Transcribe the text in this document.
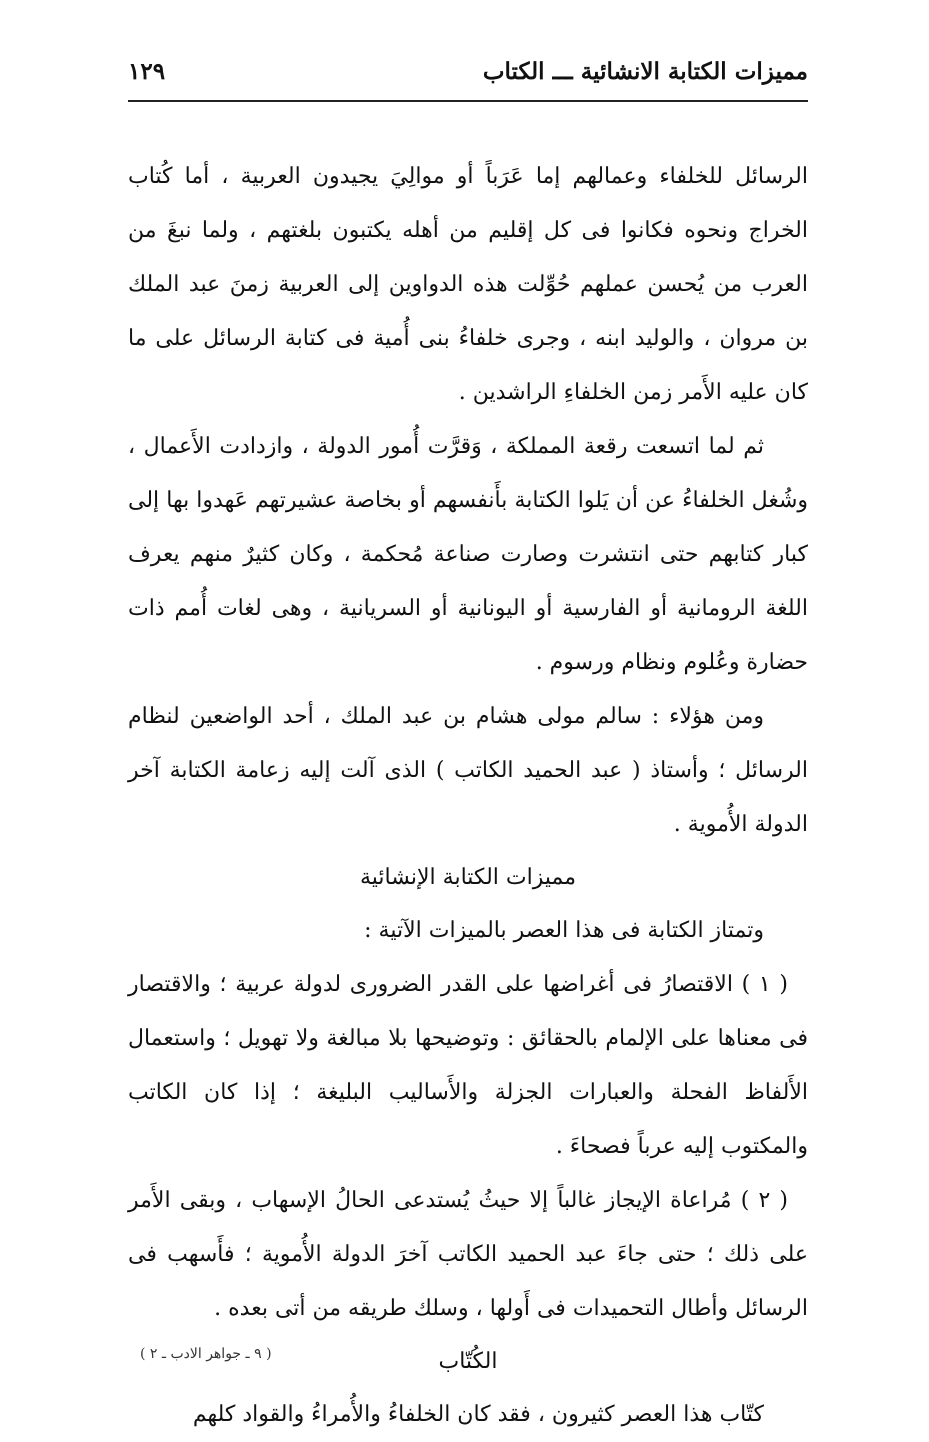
مميزات الكتابة الانشائية ـــ الكتاب
١٢٩

الرسائل للخلفاء وعمالهم إما عَرَباً أو موالِيَ يجيدون العربية ، أما كُتاب الخراج ونحوه فكانوا فى كل إقليم من أهله يكتبون بلغتهم ، ولما نبغَ من العرب من يُحسن عملهم حُوِّلت هذه الدواوين إلى العربية زمنَ عبد الملك بن مروان ، والوليد ابنه ، وجرى خلفاءُ بنى أُمية فى كتابة الرسائل على ما كان عليه الأَمر زمن الخلفاءِ الراشدين .

ثم لما اتسعت رقعة المملكة ، وَقرَّت أُمور الدولة ، وازدادت الأَعمال ، وشُغل الخلفاءُ عن أن يَلوا الكتابة بأَنفسهم أو بخاصة عشيرتهم عَهدوا بها إلى كبار كتابهم حتى انتشرت وصارت صناعة مُحكمة ، وكان كثيرٌ منهم يعرف اللغة الرومانية أو الفارسية أو اليونانية أو السريانية ، وهى لغات أُمم ذات حضارة وعُلوم ونظام ورسوم .

ومن هؤلاء : سالم مولى هشام بن عبد الملك ، أحد الواضعين لنظام الرسائل ؛ وأستاذ ( عبد الحميد الكاتب ) الذى آلت إليه زعامة الكتابة آخر الدولة الأُموية .

مميزات الكتابة الإنشائية

وتمتاز الكتابة فى هذا العصر بالميزات الآتية :

( ١ ) الاقتصارُ فى أغراضها على القدر الضرورى لدولة عربية ؛ والاقتصار فى معناها على الإلمام بالحقائق : وتوضيحها بلا مبالغة ولا تهويل ؛ واستعمال الأَلفاظ الفحلة والعبارات الجزلة والأَساليب البليغة ؛ إذا كان الكاتب والمكتوب إليه عرباً فصحاءَ .

( ٢ ) مُراعاة الإيجاز غالباً إلا حيثُ يُستدعى الحالُ الإسهاب ، وبقى الأَمر على ذلك ؛ حتى جاءَ عبد الحميد الكاتب آخرَ الدولة الأُموية ؛ فأَسهب فى الرسائل وأطال التحميدات فى أَولها ، وسلك طريقه من أتى بعده .

الكُتّاب

كتّاب هذا العصر كثيرون ، فقد كان الخلفاءُ والأُمراءُ والقواد كلهم

( ٩ ـ جواهر الادب ـ ٢ )
